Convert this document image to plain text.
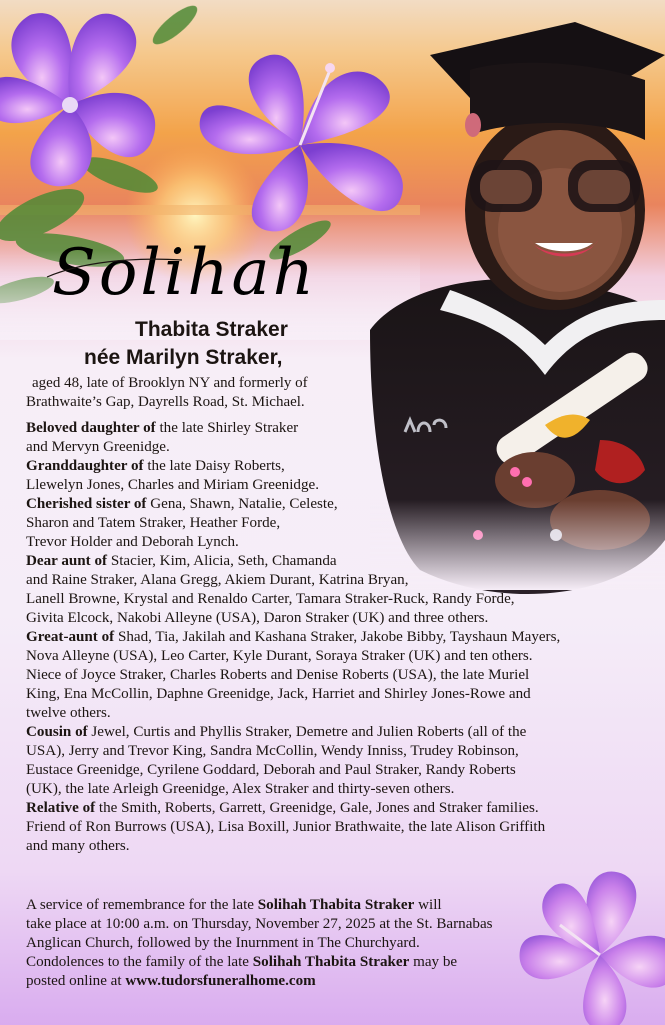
Solihah
Thabita Straker
née Marilyn Straker,
aged 48, late of Brooklyn NY and formerly of
Brathwaite’s Gap, Dayrells Road, St. Michael.
Beloved daughter of the late Shirley Straker
and Mervyn Greenidge.
Granddaughter of the late Daisy Roberts,
Llewelyn Jones, Charles and Miriam Greenidge.
Cherished sister of Gena, Shawn, Natalie, Celeste,
Sharon and Tatem Straker, Heather Forde,
Trevor Holder and Deborah Lynch.
Dear aunt of Stacier, Kim, Alicia, Seth, Chamanda
and Raine Straker, Alana Gregg, Akiem Durant, Katrina Bryan,
Lanell Browne, Krystal and Renaldo Carter, Tamara Straker-Ruck, Randy Forde,
Givita Elcock, Nakobi Alleyne (USA), Daron Straker (UK) and three others.
Great-aunt of Shad, Tia, Jakilah and Kashana Straker, Jakobe Bibby, Tayshaun Mayers,
Nova Alleyne (USA), Leo Carter, Kyle Durant, Soraya Straker (UK) and ten others.
Niece of Joyce Straker, Charles Roberts and Denise Roberts (USA), the late Muriel
King, Ena McCollin, Daphne Greenidge, Jack, Harriet and Shirley Jones-Rowe and
twelve others.
Cousin of Jewel, Curtis and Phyllis Straker, Demetre and Julien Roberts (all of the
USA), Jerry and Trevor King, Sandra McCollin, Wendy Inniss, Trudey Robinson,
Eustace Greenidge, Cyrilene Goddard, Deborah and Paul Straker, Randy Roberts
(UK), the late Arleigh Greenidge, Alex Straker and thirty-seven others.
Relative of the Smith, Roberts, Garrett, Greenidge, Gale, Jones and Straker families.
Friend of Ron Burrows (USA), Lisa Boxill, Junior Brathwaite, the late Alison Griffith
and many others.
A service of remembrance for the late Solihah Thabita Straker will
take place at 10:00 a.m. on Thursday, November 27, 2025 at the St. Barnabas
Anglican Church, followed by the Inurnment in The Churchyard.
Condolences to the family of the late Solihah Thabita Straker may be
posted online at www.tudorsfuneralhome.com
